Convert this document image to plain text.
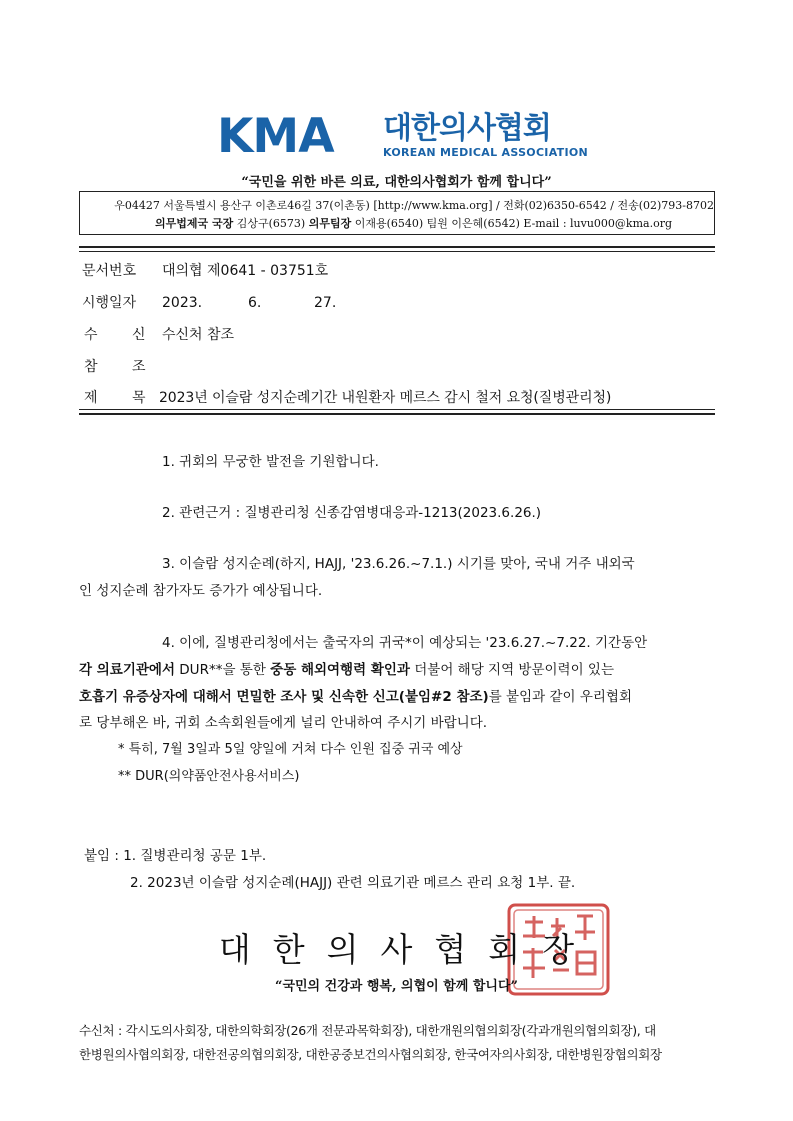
KMA 대한의사협회
KOREAN MEDICAL ASSOCIATION
“국민을 위한 바른 의료, 대한의사협회가 함께 합니다”
우04427 서울특별시 용산구 이촌로46길 37(이촌동) [http://www.kma.org] / 전화(02)6350-6542 / 전송(02)793-8702
의무법제국 국장 김상구(6573) 의무팀장 이재용(6540) 팀원 이은혜(6542) E-mail : luvu000@kma.org
문서번호 대의협 제0641 - 03751호
시행일자 2023.	6.	27.
수 신 수신처 참조
참 조
제 목 2023년 이슬람 성지순례기간 내원환자 메르스 감시 철저 요청(질병관리청)
1. 귀회의 무궁한 발전을 기원합니다.
2. 관련근거 : 질병관리청 신종감염병대응과-1213(2023.6.26.)
3. 이슬람 성지순례(하지, HAJJ, '23.6.26.~7.1.) 시기를 맞아, 국내 거주 내외국
인 성지순례 참가자도 증가가 예상됩니다.
4. 이에, 질병관리청에서는 출국자의 귀국*이 예상되는 '23.6.27.~7.22. 기간동안
각 의료기관에서 DUR**을 통한 중동 해외여행력 확인과 더불어 해당 지역 방문이력이 있는
호흡기 유증상자에 대해서 면밀한 조사 및 신속한 신고(붙임#2 참조)를 붙임과 같이 우리협회
로 당부해온 바, 귀회 소속회원들에게 널리 안내하여 주시기 바랍니다.
* 특히, 7월 3일과 5일 양일에 거쳐 다수 인원 집중 귀국 예상
** DUR(의약품안전사용서비스)
붙임 : 1. 질병관리청 공문 1부.
2. 2023년 이슬람 성지순례(HAJJ) 관련 의료기관 메르스 관리 요청 1부. 끝.
대한의사협회장
“국민의 건강과 행복, 의협이 함께 합니다”
수신처 : 각시도의사회장, 대한의학회장(26개 전문과목학회장), 대한개원의협의회장(각과개원의협의회장), 대
한병원의사협의회장, 대한전공의협의회장, 대한공중보건의사협의회장, 한국여자의사회장, 대한병원장협의회장
